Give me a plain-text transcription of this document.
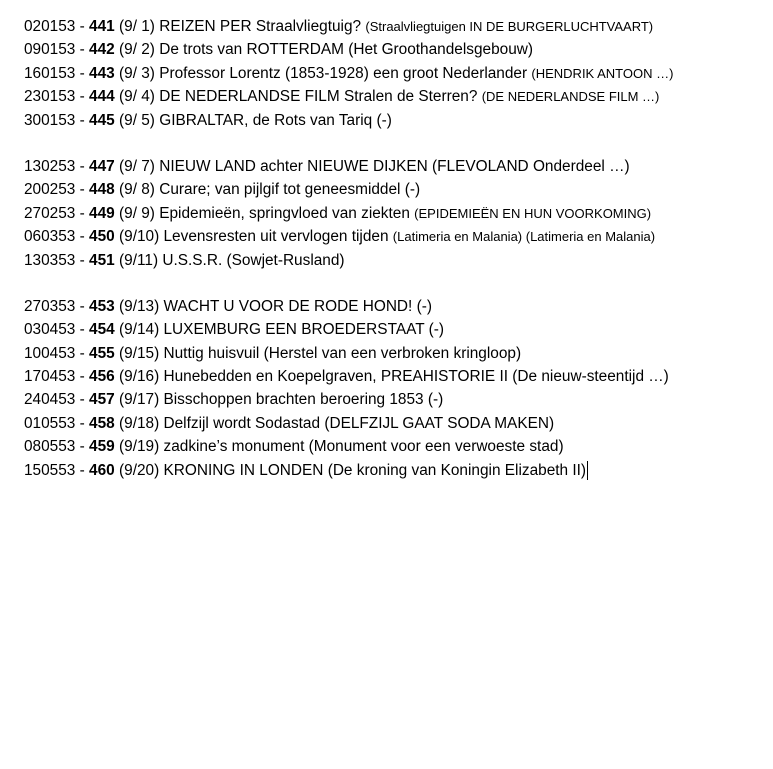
020153 - 441 (9/ 1) REIZEN PER Straalvliegtuig? (Straalvliegtuigen IN DE BURGERLUCHTVAART)
090153 - 442 (9/ 2) De trots van ROTTERDAM (Het Groothandelsgebouw)
160153 - 443 (9/ 3) Professor Lorentz (1853-1928) een groot Nederlander (HENDRIK ANTOON …)
230153 - 444 (9/ 4) DE NEDERLANDSE FILM Stralen de Sterren? (DE NEDERLANDSE FILM …)
300153 - 445 (9/ 5) GIBRALTAR, de Rots van Tariq (-)
130253 - 447 (9/ 7) NIEUW LAND achter NIEUWE DIJKEN (FLEVOLAND Onderdeel …)
200253 - 448 (9/ 8) Curare; van pijlgif tot geneesmiddel (-)
270253 - 449 (9/ 9) Epidemieën, springvloed van ziekten (EPIDEMIEËN EN HUN VOORKOMING)
060353 - 450 (9/10) Levensresten uit vervlogen tijden (Latimeria en Malania) (Latimeria en Malania)
130353 - 451 (9/11) U.S.S.R. (Sowjet-Rusland)
270353 - 453 (9/13) WACHT U VOOR DE RODE HOND! (-)
030453 - 454 (9/14) LUXEMBURG EEN BROEDERSTAAT (-)
100453 - 455 (9/15) Nuttig huisvuil (Herstel van een verbroken kringloop)
170453 - 456 (9/16) Hunebedden en Koepelgraven, PREAHISTORIE II (De nieuw-steentijd …)
240453 - 457 (9/17) Bisschoppen brachten beroering 1853 (-)
010553 - 458 (9/18) Delfzijl wordt Sodastad (DELFZIJL GAAT SODA MAKEN)
080553 - 459 (9/19) zadkine’s monument (Monument voor een verwoeste stad)
150553 - 460 (9/20) KRONING IN LONDEN (De kroning van Koningin Elizabeth II)
